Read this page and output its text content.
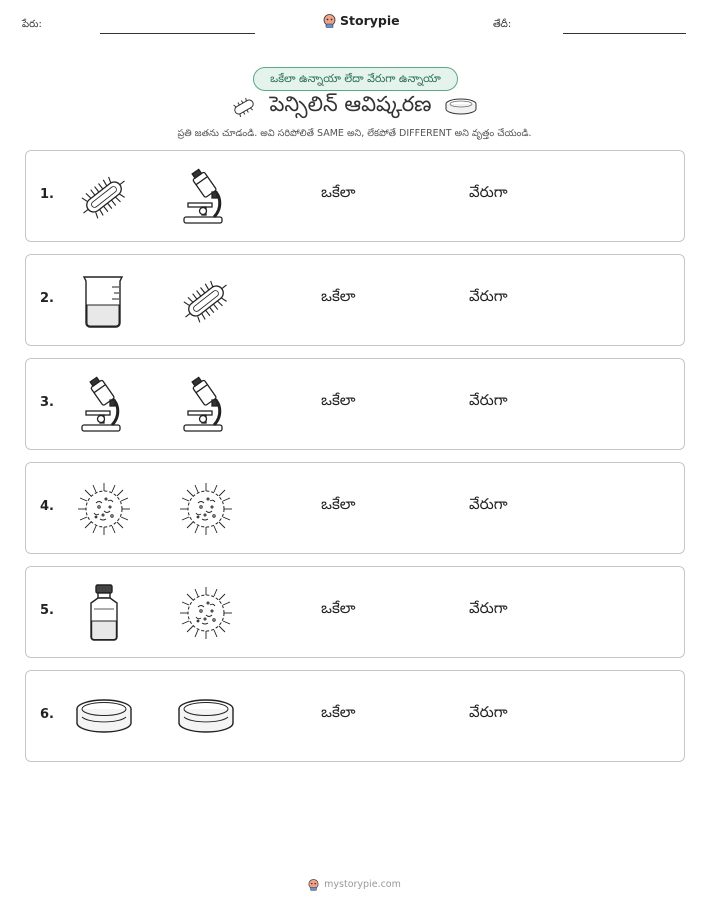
పేరు:	Storypie	తేదీ:
ఒకేలా ఉన్నాయా లేదా వేరుగా ఉన్నాయా
పెన్సిలిన్ ఆవిష్కరణ
ప్రతి జతను చూడండి. అవి సరిపోలితే SAME అని, లేకపోతే DIFFERENT అని వృత్తం చేయండి.
1.	ఒకేలా	వేరుగా
2.	ఒకేలా	వేరుగా
3.	ఒకేలా	వేరుగా
4.	ఒకేలా	వేరుగా
5.	ఒకేలా	వేరుగా
6.	ఒకేలా	వేరుగా
mystorypie.com
